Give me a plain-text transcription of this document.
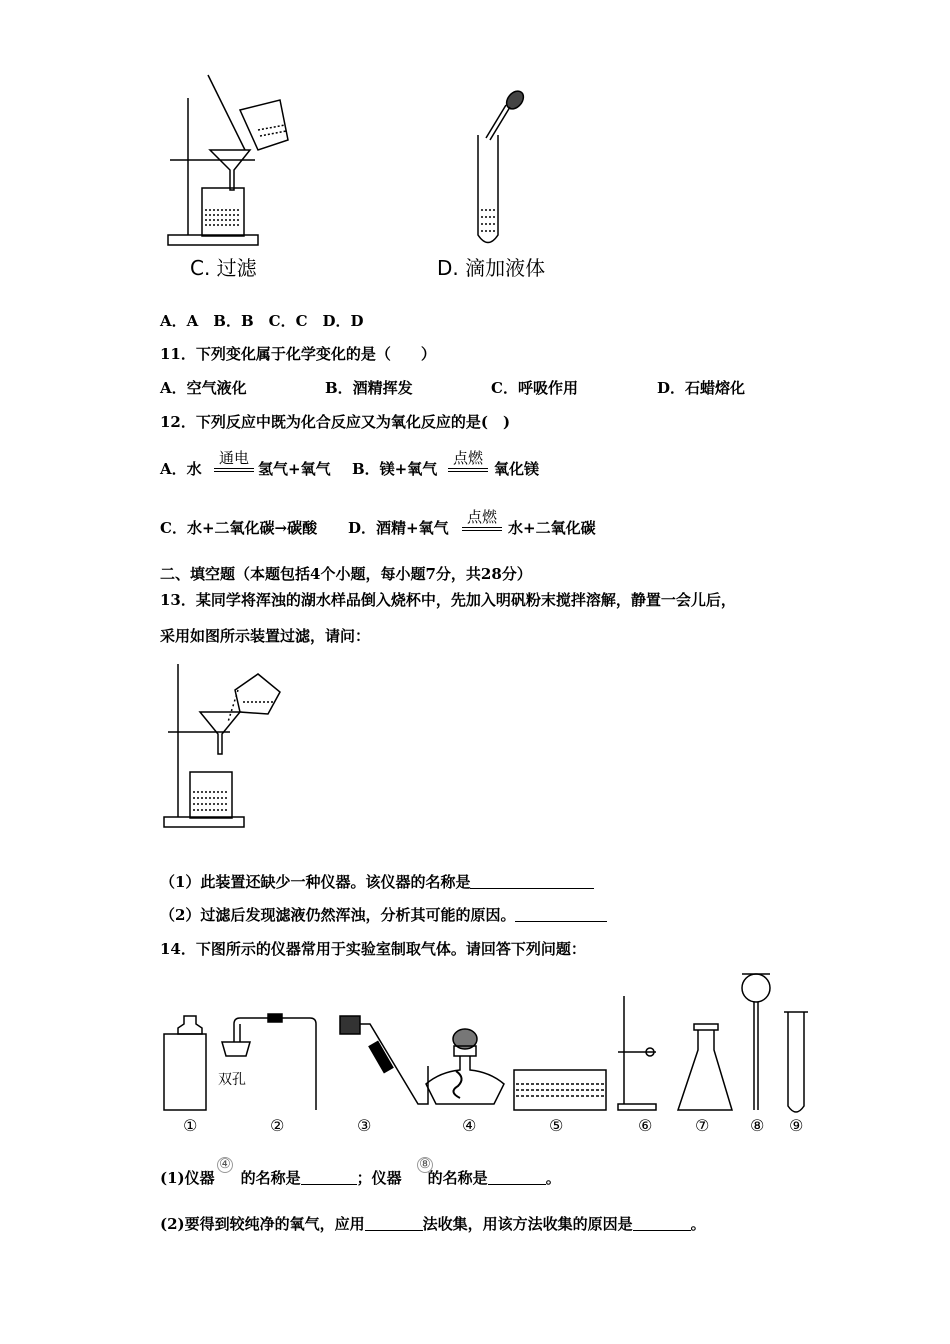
C. 过滤	D. 滴加液体
A．A　B．B　C．C　D．D
11．下列变化属于化学变化的是（　　）
A．空气液化	B．酒精挥发	C．呼吸作用	D．石蜡熔化
12．下列反应中既为化合反应又为氧化反应的是(　)
A．水
通电
氢气+氧气 B．镁+氧气
点燃
氧化镁
C．水+二氧化碳→碳酸 D．酒精+氧气
点燃
水+二氧化碳
二、填空题（本题包括4个小题，每小题7分，共28分）
13．某同学将浑浊的湖水样品倒入烧杯中，先加入明矾粉末搅拌溶解，静置一会儿后，
采用如图所示装置过滤，请问：
（1）此装置还缺少一种仪器。该仪器的名称是
（2）过滤后发现滤液仍然浑浊，分析其可能的原因。
14．下图所示的仪器常用于实验室制取气体。请回答下列问题：
双孔
①	②	③	④	⑤	⑥	⑦	⑧ ⑨
(1)仪器 的名称是	；仪器 的名称是	。
④	⑧
(2)要得到较纯净的氧气，应用	法收集，用该方法收集的原因是	。
